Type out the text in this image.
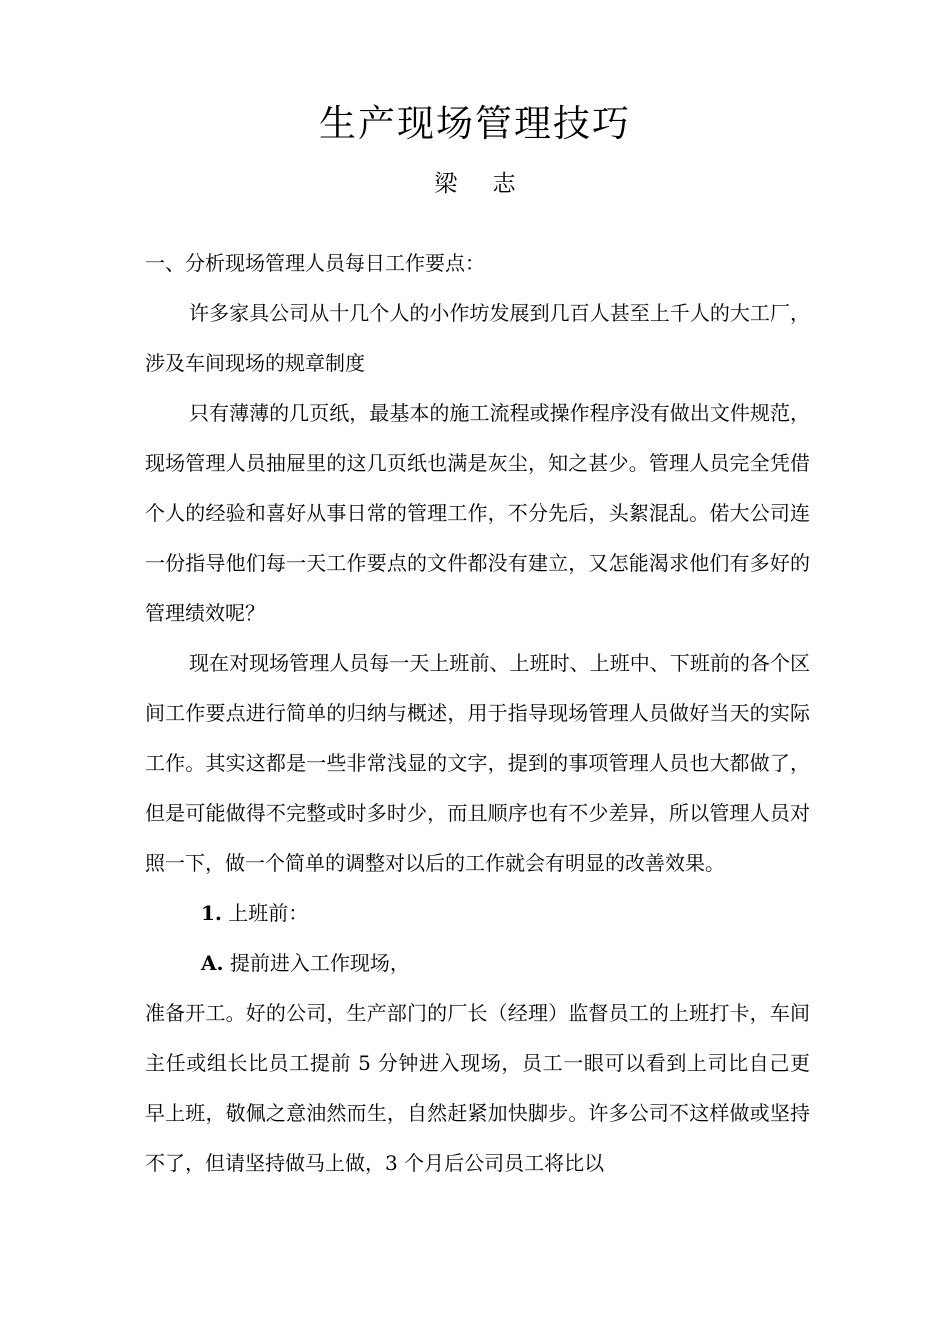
生产现场管理技巧
梁 志

一、分析现场管理人员每日工作要点：

许多家具公司从十几个人的小作坊发展到几百人甚至上千人的大工厂，涉及车间现场的规章制度

只有薄薄的几页纸，最基本的施工流程或操作程序没有做出文件规范，现场管理人员抽屉里的这几页纸也满是灰尘，知之甚少。管理人员完全凭借个人的经验和喜好从事日常的管理工作，不分先后，头絮混乱。偌大公司连一份指导他们每一天工作要点的文件都没有建立，又怎能渴求他们有多好的管理绩效呢？

现在对现场管理人员每一天上班前、上班时、上班中、下班前的各个区间工作要点进行简单的归纳与概述，用于指导现场管理人员做好当天的实际工作。其实这都是一些非常浅显的文字，提到的事项管理人员也大都做了，但是可能做得不完整或时多时少，而且顺序也有不少差异，所以管理人员对照一下，做一个简单的调整对以后的工作就会有明显的改善效果。

1. 上班前：

A. 提前进入工作现场，

准备开工。好的公司，生产部门的厂长（经理）监督员工的上班打卡，车间主任或组长比员工提前 5 分钟进入现场，员工一眼可以看到上司比自己更早上班，敬佩之意油然而生，自然赶紧加快脚步。许多公司不这样做或坚持不了，但请坚持做马上做，3 个月后公司员工将比以
